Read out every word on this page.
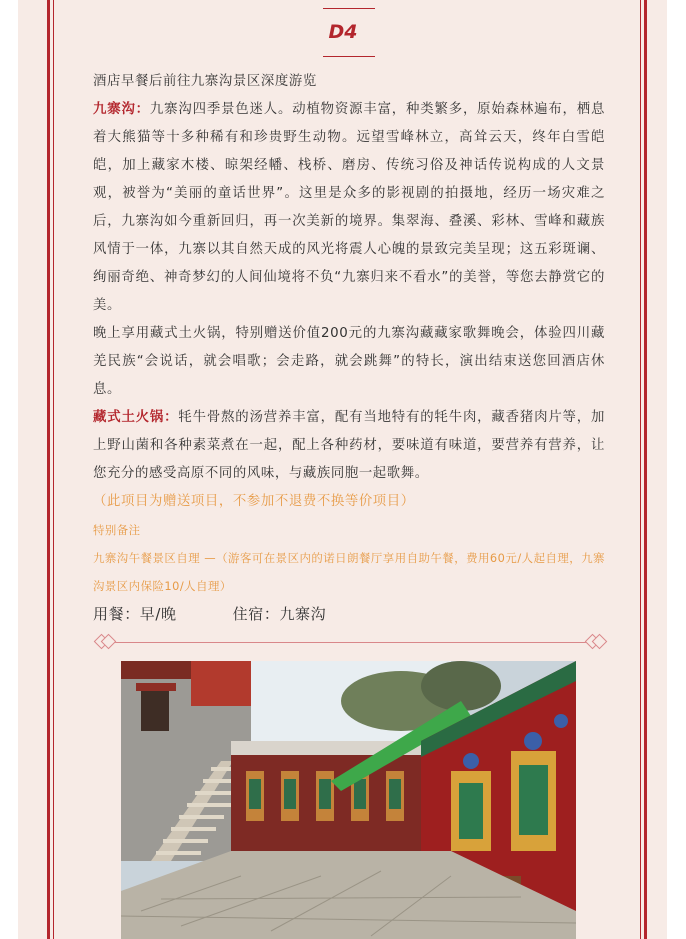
D4

酒店早餐后前往九寨沟景区深度游览

九寨沟：九寨沟四季景色迷人。动植物资源丰富，种类繁多，原始森林遍布，栖息着大熊猫等十多种稀有和珍贵野生动物。远望雪峰林立，高耸云天，终年白雪皑皑，加上藏家木楼、晾架经幡、栈桥、磨房、传统习俗及神话传说构成的人文景观，被誉为“美丽的童话世界”。这里是众多的影视剧的拍摄地，经历一场灾难之后，九寨沟如今重新回归，再一次美新的境界。集翠海、叠溪、彩林、雪峰和藏族风情于一体，九寨以其自然天成的风光将震人心魄的景致完美呈现；这五彩斑谰、绚丽奇绝、神奇梦幻的人间仙境将不负“九寨归来不看水”的美誉，等您去静赏它的美。

晚上享用藏式土火锅，特别赠送价值200元的九寨沟藏藏家歌舞晚会，体验四川藏羌民族“会说话，就会唱歌；会走路，就会跳舞”的特长，演出结束送您回酒店休息。

藏式土火锅：牦牛骨熬的汤营养丰富，配有当地特有的牦牛肉，藏香猪肉片等，加上野山菌和各种素菜煮在一起，配上各种药材，要味道有味道，要营养有营养，让您充分的感受高原不同的风味，与藏族同胞一起歌舞。

（此项目为赠送项目，不参加不退费不换等价项目）

特别备注

九寨沟午餐景区自理 —（游客可在景区内的诺日朗餐厅享用自助午餐，费用60元/人起自理，九寨沟景区内保险10/人自理）

用餐：早/晚	住宿：九寨沟
